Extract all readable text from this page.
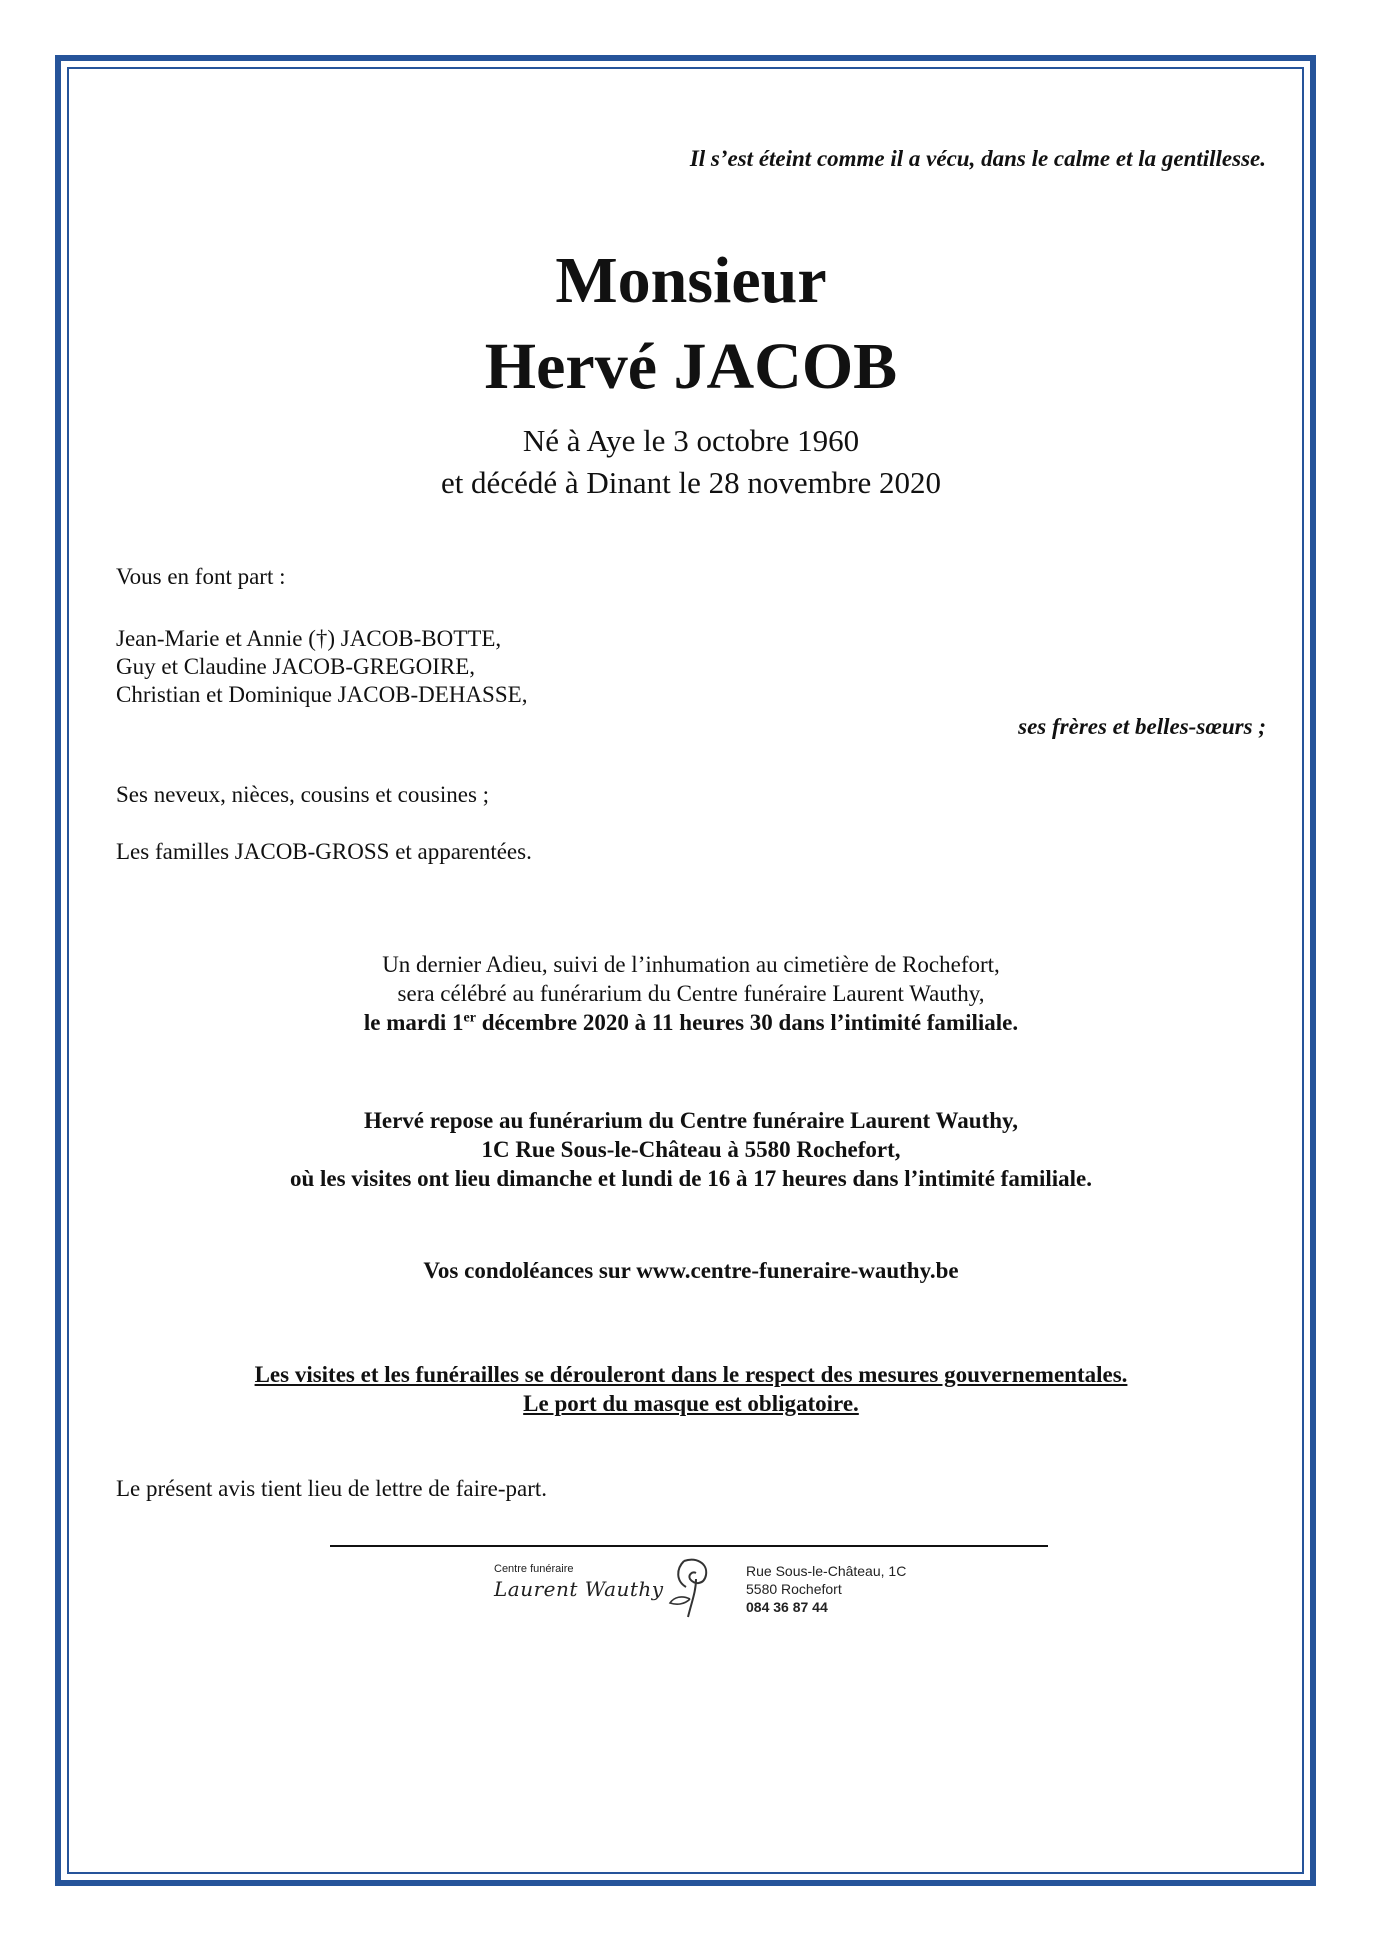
Il s’est éteint comme il a vécu, dans le calme et la gentillesse.
Monsieur
Hervé JACOB
Né à Aye le 3 octobre 1960
et décédé à Dinant le 28 novembre 2020
Vous en font part :
Jean-Marie et Annie (†) JACOB-BOTTE,
Guy et Claudine JACOB-GREGOIRE,
Christian et Dominique JACOB-DEHASSE,
ses frères et belles-sœurs ;
Ses neveux, nièces, cousins et cousines ;
Les familles JACOB-GROSS et apparentées.
Un dernier Adieu, suivi de l’inhumation au cimetière de Rochefort,
sera célébré au funérarium du Centre funéraire Laurent Wauthy,
le mardi 1er décembre 2020 à 11 heures 30 dans l’intimité familiale.
Hervé repose au funérarium du Centre funéraire Laurent Wauthy,
1C Rue Sous-le-Château à 5580 Rochefort,
où les visites ont lieu dimanche et lundi de 16 à 17 heures dans l’intimité familiale.
Vos condoléances sur www.centre-funeraire-wauthy.be
Les visites et les funérailles se dérouleront dans le respect des mesures gouvernementales.
Le port du masque est obligatoire.
Le présent avis tient lieu de lettre de faire-part.
Centre funéraire
Laurent Wauthy
Rue Sous-le-Château, 1C
5580 Rochefort
084 36 87 44
